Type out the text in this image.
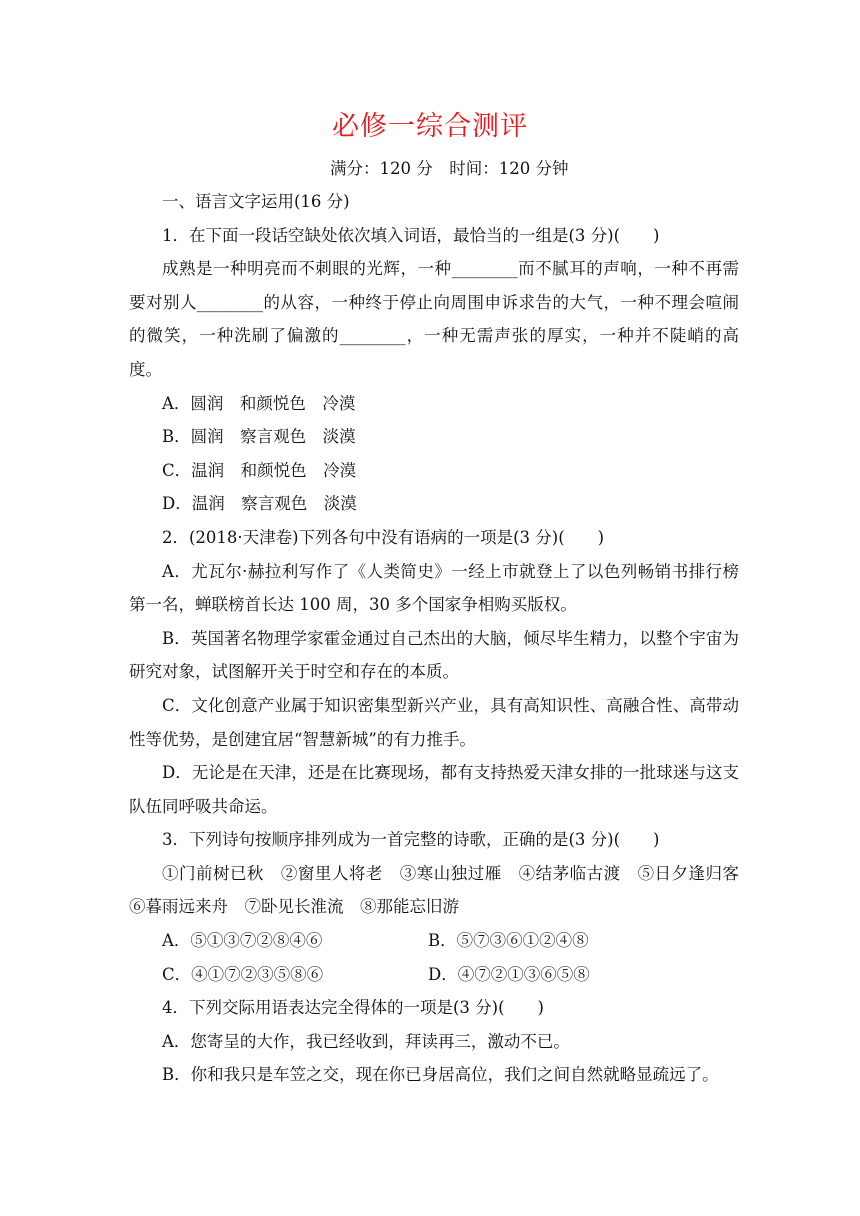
必修一综合测评
满分：120 分　时间：120 分钟

一、语言文字运用(16 分)

1．在下面一段话空缺处依次填入词语，最恰当的一组是(3 分)(　　)

成熟是一种明亮而不刺眼的光辉，一种________而不腻耳的声响，一种不再需要对别人________的从容，一种终于停止向周围申诉求告的大气，一种不理会喧闹的微笑，一种洗刷了偏激的________，一种无需声张的厚实，一种并不陡峭的高度。

A．圆润　和颜悦色　冷漠

B．圆润　察言观色　淡漠

C．温润　和颜悦色　冷漠

D．温润　察言观色　淡漠

2．(2018·天津卷)下列各句中没有语病的一项是(3 分)(　　)

A．尤瓦尔·赫拉利写作了《人类简史》一经上市就登上了以色列畅销书排行榜第一名，蝉联榜首长达 100 周，30 多个国家争相购买版权。

B．英国著名物理学家霍金通过自己杰出的大脑，倾尽毕生精力，以整个宇宙为研究对象，试图解开关于时空和存在的本质。

C．文化创意产业属于知识密集型新兴产业，具有高知识性、高融合性、高带动性等优势，是创建宜居“智慧新城”的有力推手。

D．无论是在天津，还是在比赛现场，都有支持热爱天津女排的一批球迷与这支队伍同呼吸共命运。

3．下列诗句按顺序排列成为一首完整的诗歌，正确的是(3 分)(　　)

①门前树已秋　②窗里人将老　③寒山独过雁　④结茅临古渡　⑤日夕逢归客　⑥暮雨远来舟　⑦卧见长淮流　⑧那能忘旧游

A．⑤①③⑦②⑧④⑥	B．⑤⑦③⑥①②④⑧
C．④①⑦②③⑤⑧⑥	D．④⑦②①③⑥⑤⑧

4．下列交际用语表达完全得体的一项是(3 分)(　　)

A．您寄呈的大作，我已经收到，拜读再三，激动不已。

B．你和我只是车笠之交，现在你已身居高位，我们之间自然就略显疏远了。
